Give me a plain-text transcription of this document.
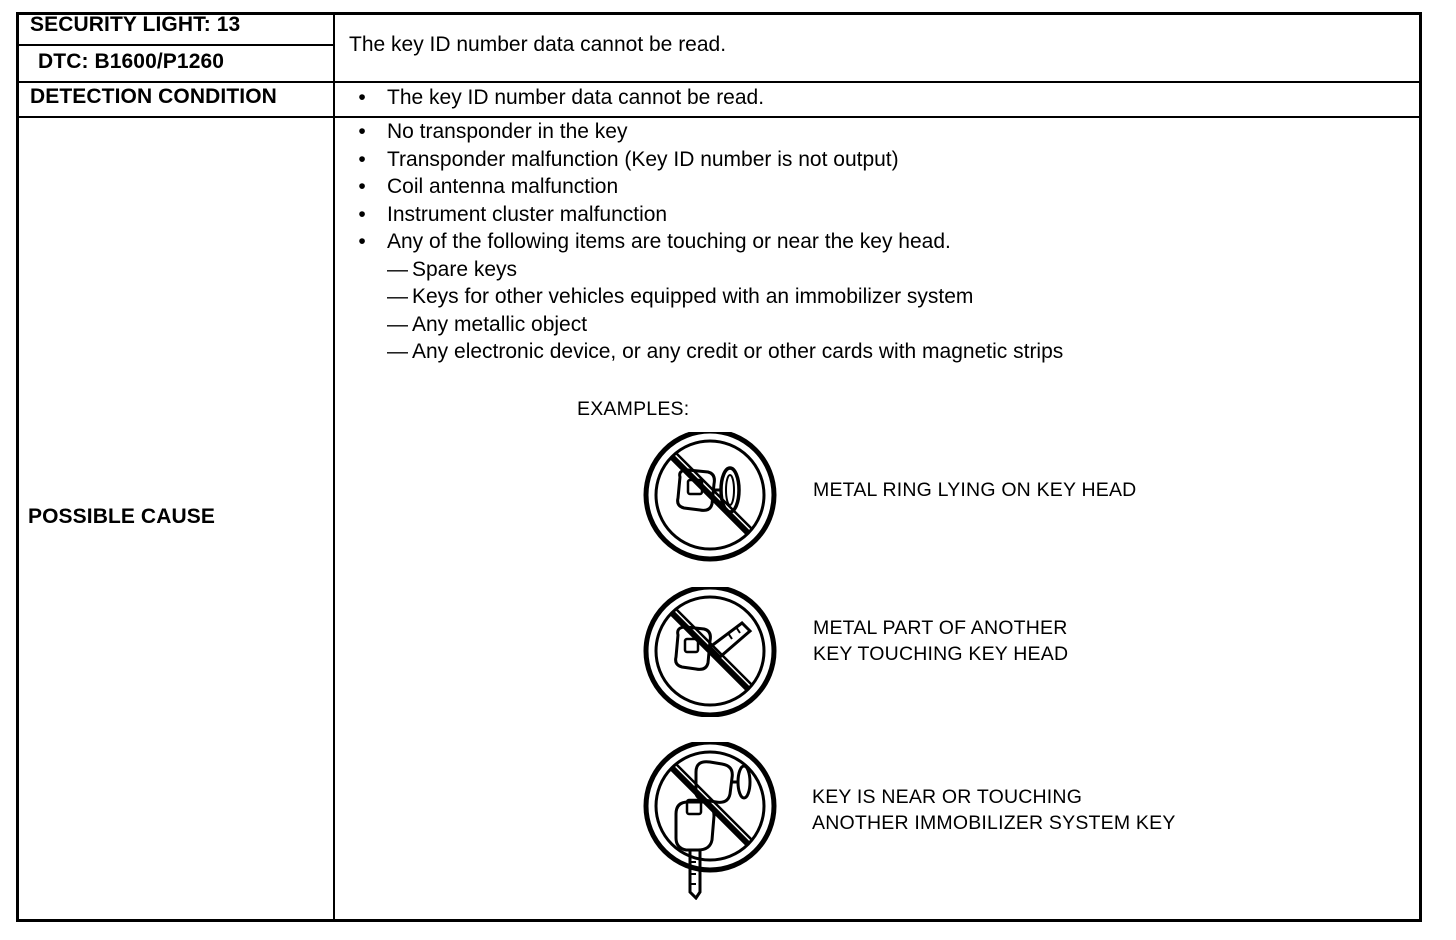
SECURITY LIGHT: 13
DTC: B1600/P1260
The key ID number data cannot be read.
DETECTION CONDITION	• The key ID number data cannot be read.
POSSIBLE CAUSE
• No transponder in the key
• Transponder malfunction (Key ID number is not output)
• Coil antenna malfunction
• Instrument cluster malfunction
• Any of the following items are touching or near the key head.
— Spare keys
— Keys for other vehicles equipped with an immobilizer system
— Any metallic object
— Any electronic device, or any credit or other cards with magnetic strips
EXAMPLES:
METAL RING LYING ON KEY HEAD
METAL PART OF ANOTHER
KEY TOUCHING KEY HEAD
KEY IS NEAR OR TOUCHING
ANOTHER IMMOBILIZER SYSTEM KEY
